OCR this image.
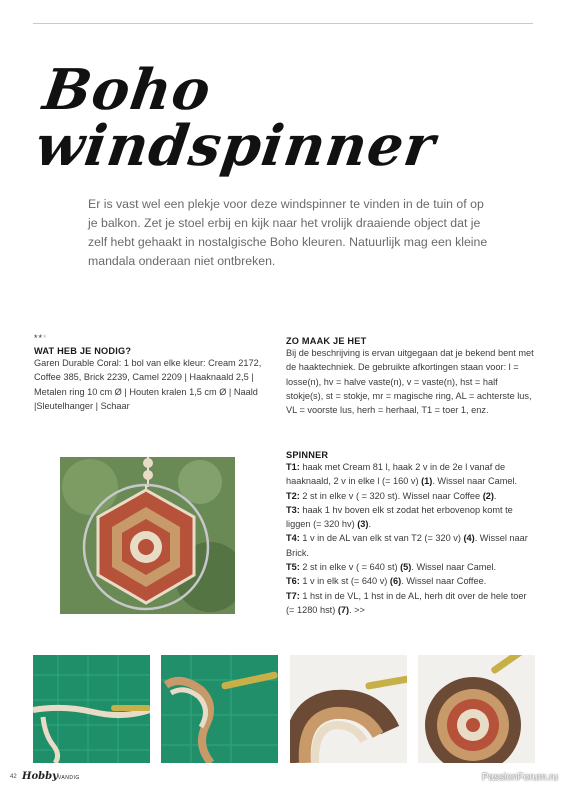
Boho windspinner

Er is vast wel een plekje voor deze windspinner te vinden in de tuin of op je balkon. Zet je stoel erbij en kijk naar het vrolijk draaiende object dat je zelf hebt gehaakt in nostalgische Boho kleuren. Natuurlijk mag een kleine mandala onderaan niet ontbreken.

***
WAT HEB JE NODIG?
Garen Durable Coral: 1 bol van elke kleur: Cream 2172, Coffee 385, Brick 2239, Camel 2209 | Haaknaald 2,5 | Metalen ring 10 cm Ø | Houten kralen 1,5 cm Ø | Naald |Sleutelhanger | Schaar
ZO MAAK JE HET
Bij de beschrijving is ervan uitgegaan dat je bekend bent met de haaktechniek. De gebruikte afkortingen staan voor: l = losse(n), hv = halve vaste(n), v = vaste(n), hst = half stokje(s), st = stokje, mr = magische ring, AL = achterste lus, VL = voorste lus, herh = herhaal, T1 = toer 1, enz.
SPINNER
T1: haak met Cream 81 l, haak 2 v in de 2e l vanaf de haaknaald, 2 v in elke l (= 160 v) (1). Wissel naar Camel.
T2: 2 st in elke v ( = 320 st). Wissel naar Coffee (2).
T3: haak 1 hv boven elk st zodat het erbovenop komt te liggen (= 320 hv) (3).
T4: 1 v in de AL van elk st van T2 (= 320 v) (4). Wissel naar Brick.
T5: 2 st in elke v ( = 640 st) (5). Wissel naar Camel.
T6: 1 v in elk st (= 640 v) (6). Wissel naar Coffee.
T7: 1 hst in de VL, 1 hst in de AL, herh dit over de hele toer (= 1280 hst) (7). >>
42 HobbyVANDIG	PassionForum.ru
